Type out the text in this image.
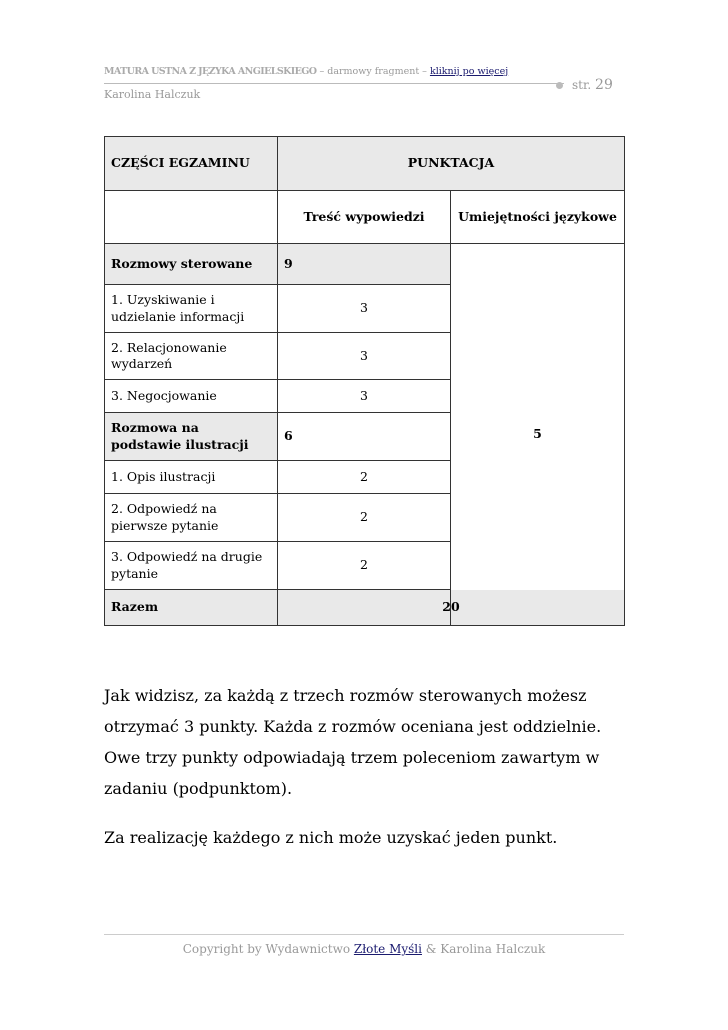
MATURA USTNA Z JĘZYKA ANGIELSKIEGO – darmowy fragment – kliknij po więcej
Karolina Halczuk
str. 29
CZĘŚCI EGZAMINU	PUNKTACJA	
	Treść wypowiedzi	Umiejętności językowe
Rozmowy sterowane	9	5
1. Uzyskiwanie i udzielanie informacji	3	
2. Relacjonowanie wydarzeń	3	
3. Negocjowanie	3	
Rozmowa na podstawie ilustracji	6	
1. Opis ilustracji	2	
2. Odpowiedź na pierwsze pytanie	2	
3. Odpowiedź na drugie pytanie	2	
Razem	20	

Jak widzisz, za każdą z trzech rozmów sterowanych możesz otrzymać 3 punkty. Każda z rozmów oceniana jest oddzielnie. Owe trzy punkty odpowiadają trzem poleceniom zawartym w zadaniu (podpunktom).

Za realizację każdego z nich może uzyskać jeden punkt.

Copyright by Wydawnictwo Złote Myśli & Karolina Halczuk
